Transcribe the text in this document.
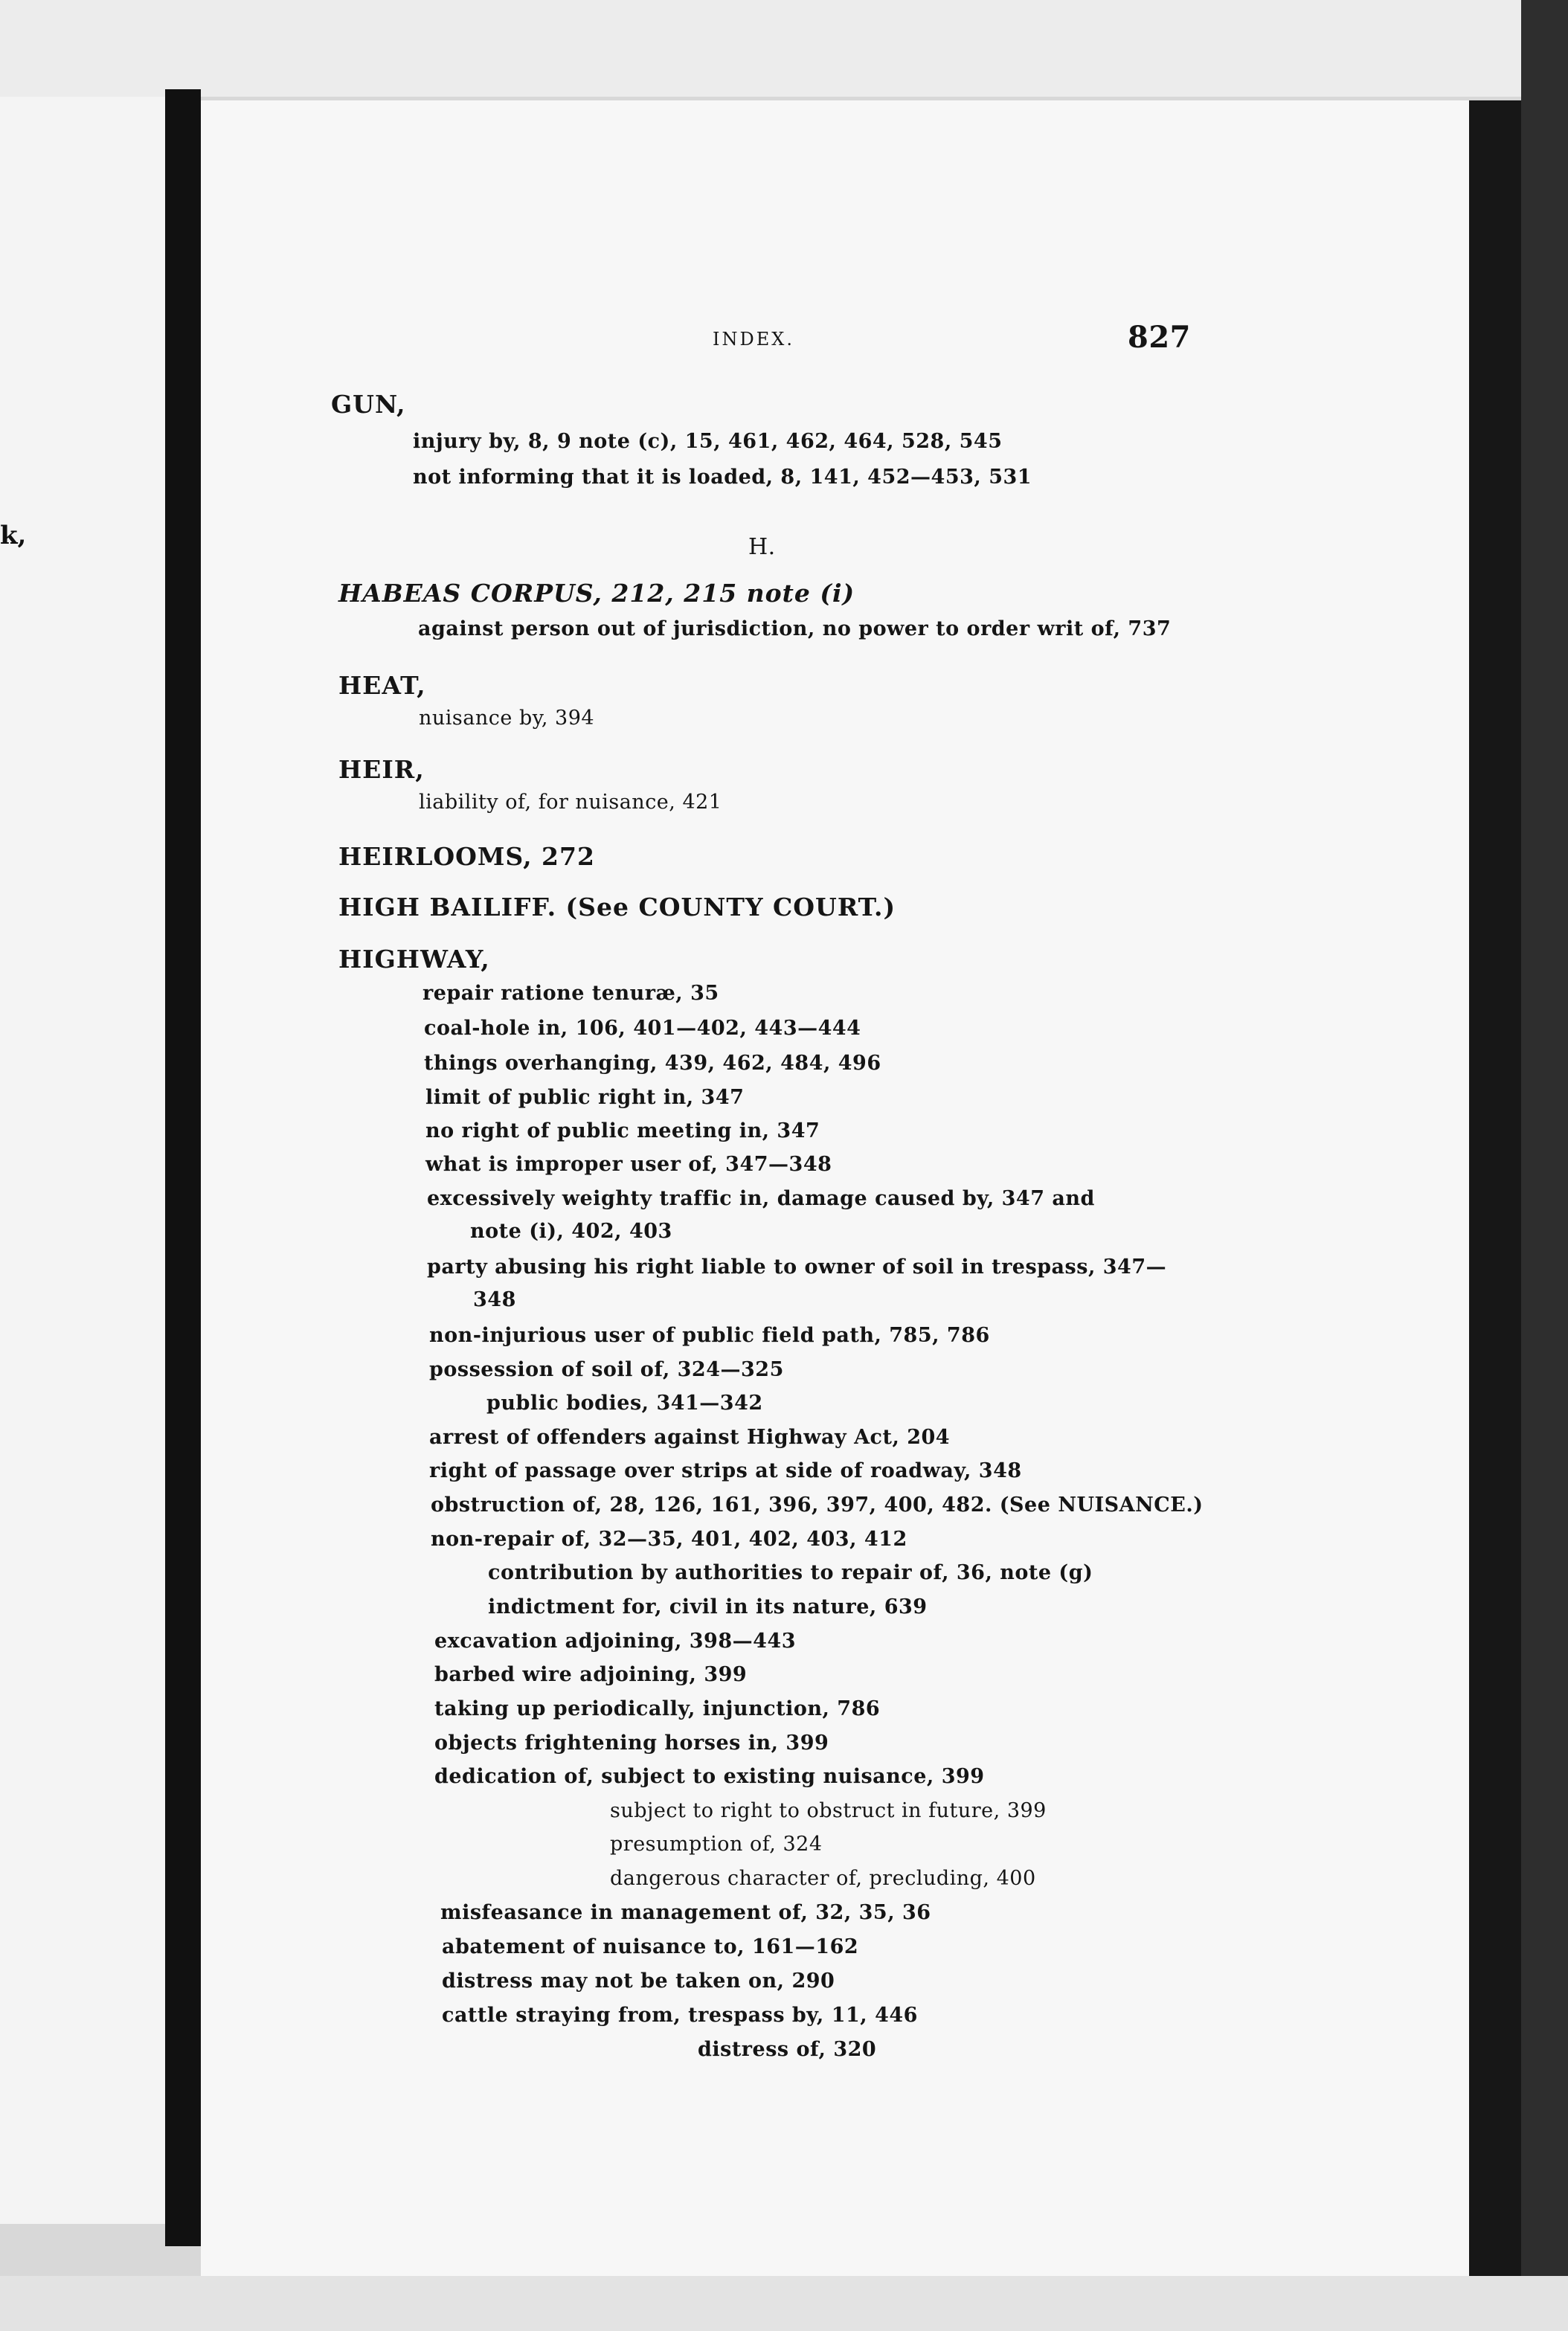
k,
INDEX.	827
GUN,
injury by, 8, 9 note (c), 15, 461, 462, 464, 528, 545
not informing that it is loaded, 8, 141, 452—453, 531
H.
HABEAS CORPUS, 212, 215 note (i)
against person out of jurisdiction, no power to order writ of, 737
HEAT,
nuisance by, 394
HEIR,
liability of, for nuisance, 421
HEIRLOOMS, 272
HIGH BAILIFF. (See COUNTY COURT.)
HIGHWAY,
repair ratione tenuræ, 35
coal-hole in, 106, 401—402, 443—444
things overhanging, 439, 462, 484, 496
limit of public right in, 347
no right of public meeting in, 347
what is improper user of, 347—348
excessively weighty traffic in, damage caused by, 347 and
note (i), 402, 403
party abusing his right liable to owner of soil in trespass, 347—
348
non-injurious user of public field path, 785, 786
possession of soil of, 324—325
public bodies, 341—342
arrest of offenders against Highway Act, 204
right of passage over strips at side of roadway, 348
obstruction of, 28, 126, 161, 396, 397, 400, 482. (See NUISANCE.)
non-repair of, 32—35, 401, 402, 403, 412
contribution by authorities to repair of, 36, note (g)
indictment for, civil in its nature, 639
excavation adjoining, 398—443
barbed wire adjoining, 399
taking up periodically, injunction, 786
objects frightening horses in, 399
dedication of, subject to existing nuisance, 399
subject to right to obstruct in future, 399
presumption of, 324
dangerous character of, precluding, 400
misfeasance in management of, 32, 35, 36
abatement of nuisance to, 161—162
distress may not be taken on, 290
cattle straying from, trespass by, 11, 446
distress of, 320
